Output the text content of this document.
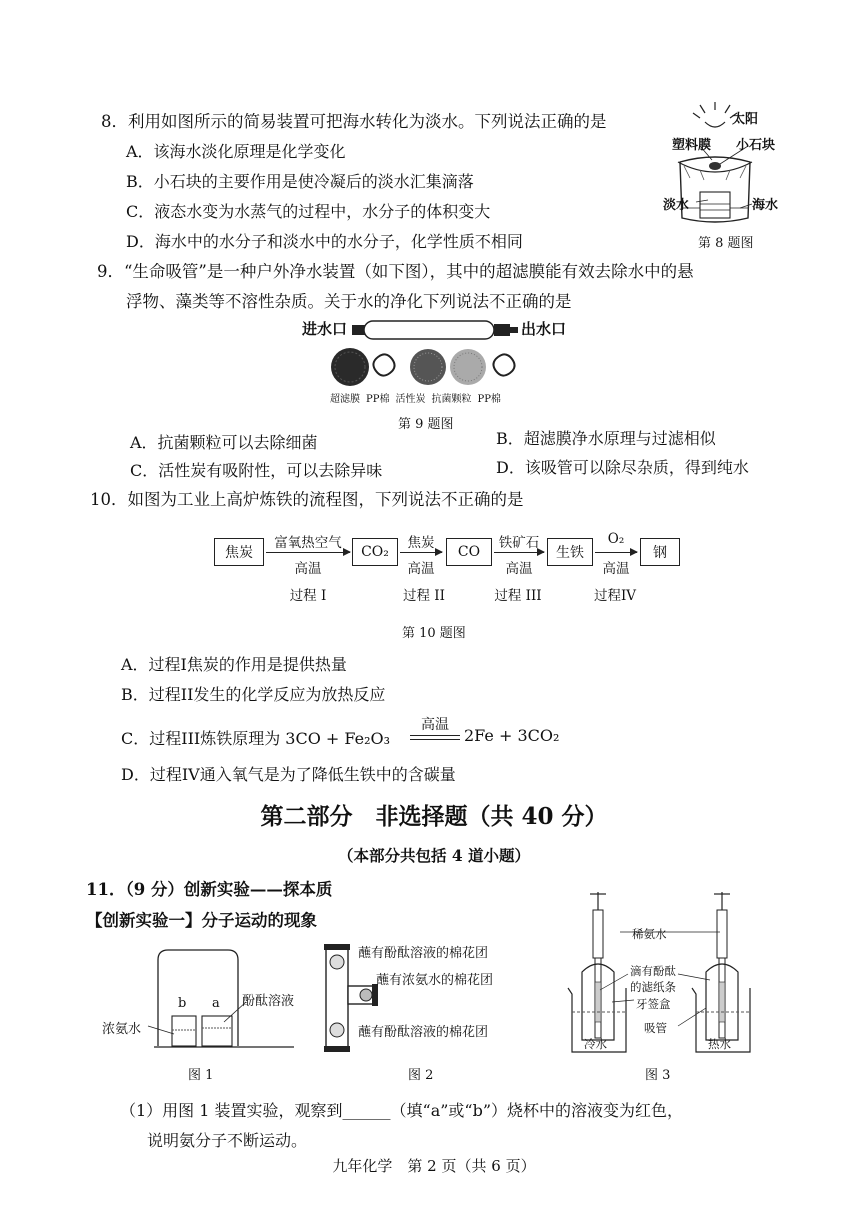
8．利用如图所示的简易装置可把海水转化为淡水。下列说法正确的是
A．该海水淡化原理是化学变化
B．小石块的主要作用是使冷凝后的淡水汇集滴落
C．液态水变为水蒸气的过程中，水分子的体积变大
D．海水中的水分子和淡水中的水分子，化学性质不相同
太阳
塑料膜 小石块
淡水	海水
第 8 题图
9．“生命吸管”是一种户外净水装置（如下图），其中的超滤膜能有效去除水中的悬
浮物、藻类等不溶性杂质。关于水的净化下列说法不正确的是
进水口	出水口
超滤膜 PP棉 活性炭 抗菌颗粒 PP棉
第 9 题图
A．抗菌颗粒可以去除细菌	B．超滤膜净水原理与过滤相似
C．活性炭有吸附性，可以去除异味	D．该吸管可以除尽杂质，得到纯水
10．如图为工业上高炉炼铁的流程图，下列说法不正确的是
焦炭
富氧热空气
高温
CO₂
焦炭
高温
CO
铁矿石
高温
生铁
O₂
高温
钢
过程 I	过程 II	过程 III	过程IV
第 10 题图
A．过程I焦炭的作用是提供热量
B．过程II发生的化学反应为放热反应
C．过程III炼铁原理为 3CO + Fe₂O₃
高温
2Fe + 3CO₂
D．过程IV通入氧气是为了降低生铁中的含碳量
第二部分　非选择题（共 40 分）
（本部分共包括 4 道小题）
11．（9 分）创新实验——探本质
【创新实验一】分子运动的现象
b a
浓氨水
酚酞溶液
图 1
蘸有酚酞溶液的棉花团
蘸有浓氨水的棉花团
蘸有酚酞溶液的棉花团
图 2
稀氨水
滴有酚酞
的滤纸条
牙签盒
吸管
冷水	热水
图 3
（1）用图 1 装置实验，观察到______（填“a”或“b”）烧杯中的溶液变为红色，
说明氨分子不断运动。
九年化学　第 2 页（共 6 页）
